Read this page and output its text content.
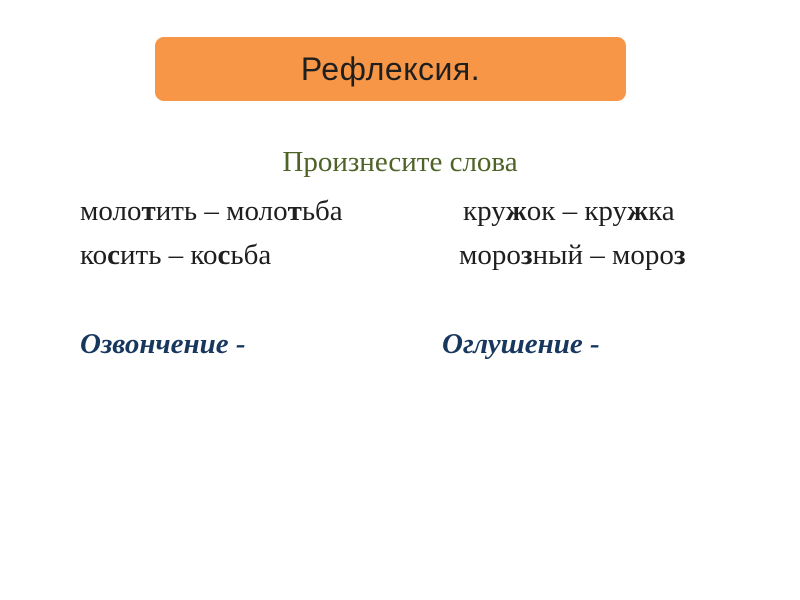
Рефлексия.
Произнесите слова
молотить – молотьба	кружок – кружка
косить – косьба	морозный – мороз
Озвончение -	Оглушение -
